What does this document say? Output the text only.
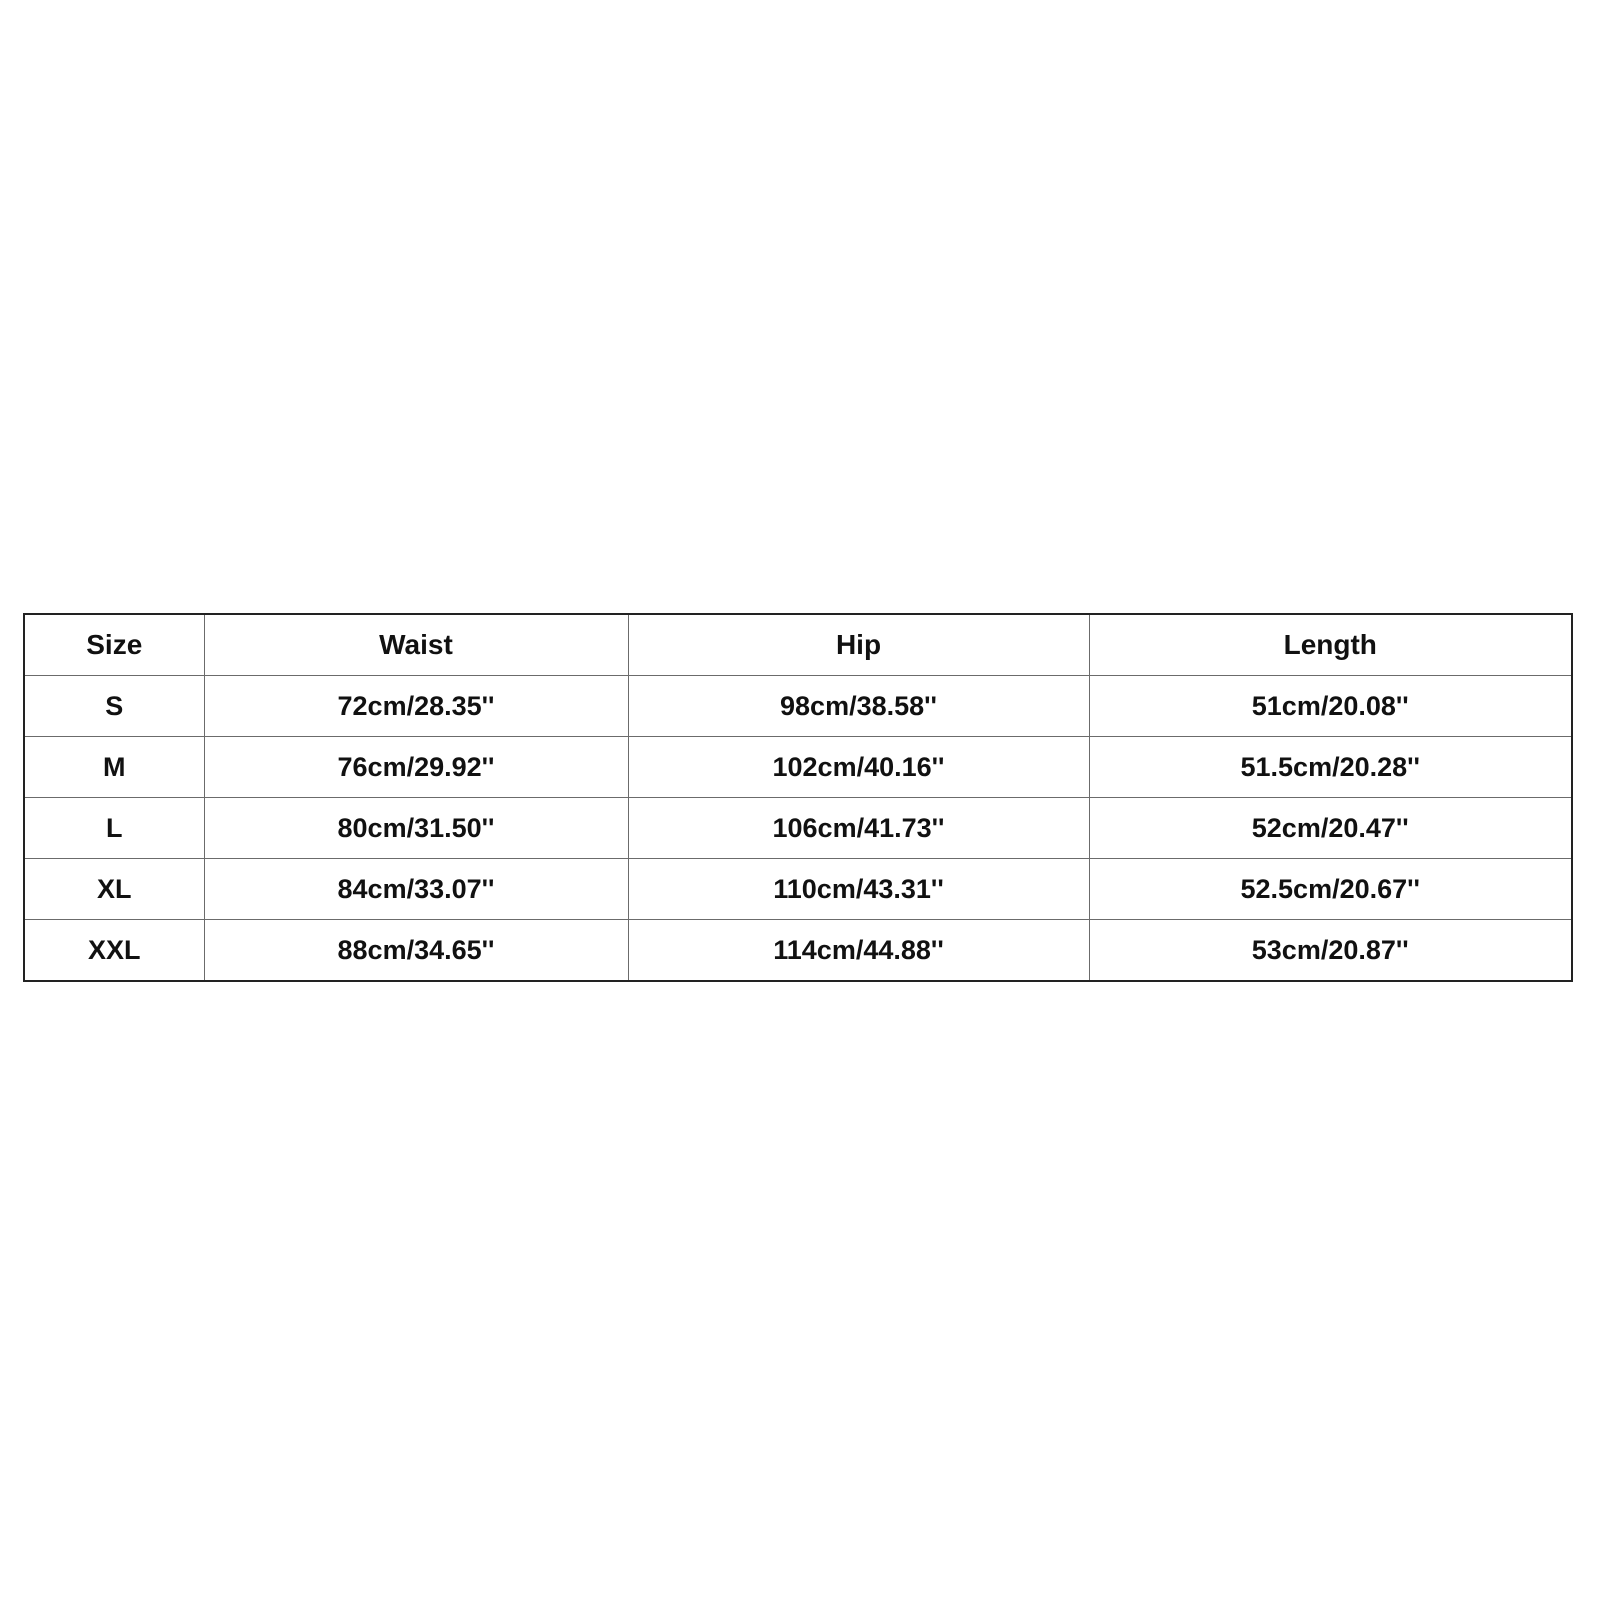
Size	Waist	Hip	Length
S	72cm/28.35''	98cm/38.58''	51cm/20.08''
M	76cm/29.92''	102cm/40.16''	51.5cm/20.28''
L	80cm/31.50''	106cm/41.73''	52cm/20.47''
XL	84cm/33.07''	110cm/43.31''	52.5cm/20.67''
XXL	88cm/34.65''	114cm/44.88''	53cm/20.87''
